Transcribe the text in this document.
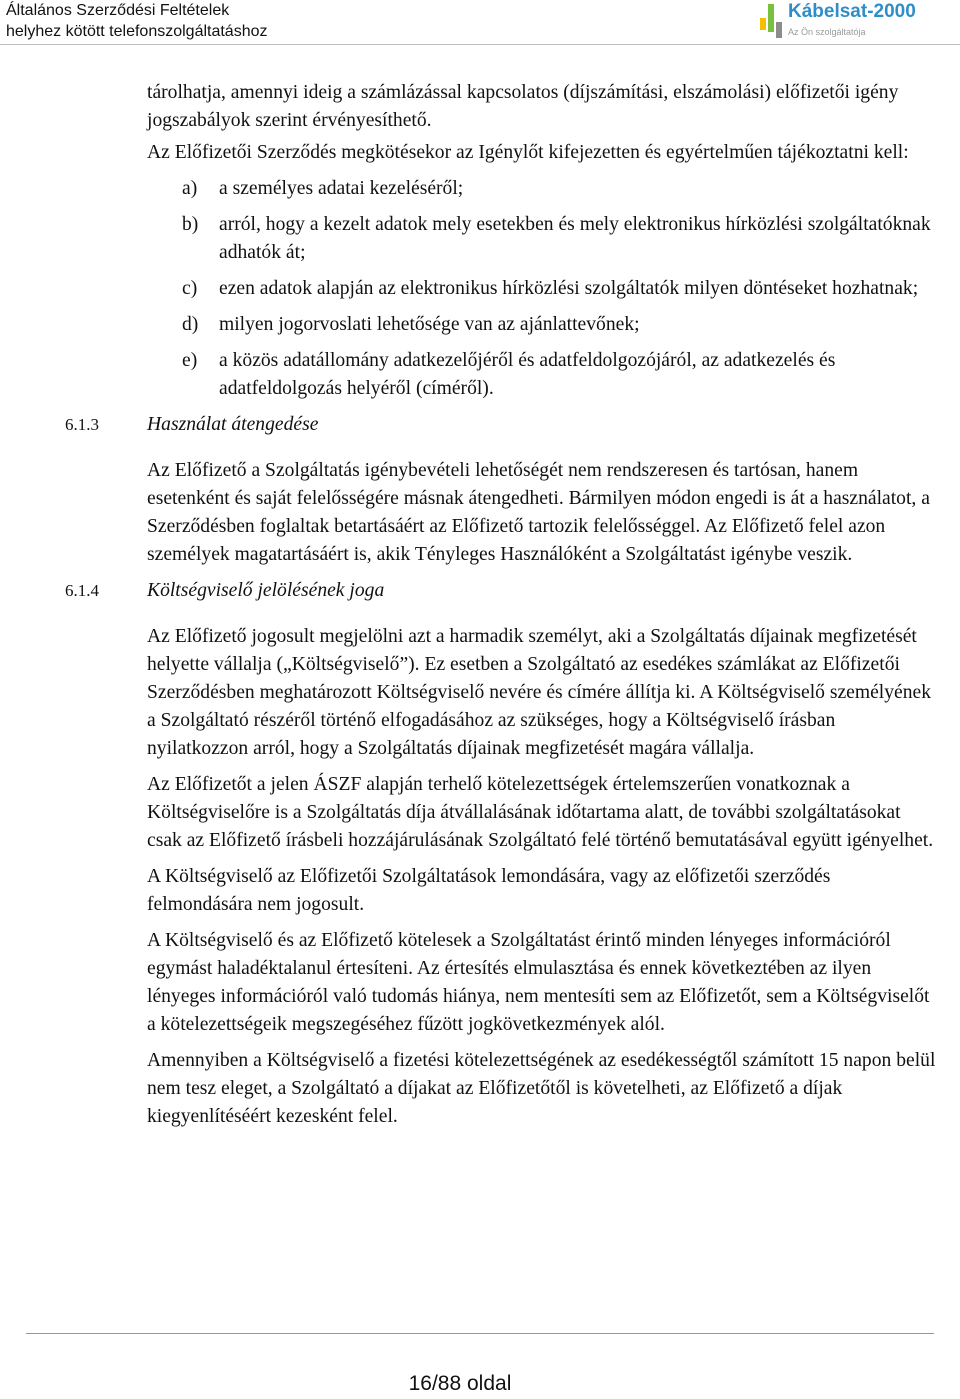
Általános Szerződési Feltételek
helyhez kötött telefonszolgáltatáshoz
Kábelsat-2000
Az Ön szolgáltatója

tárolhatja, amennyi ideig a számlázással kapcsolatos (díjszámítási, elszámolási) előfizetői igény jogszabályok szerint érvényesíthető.

Az Előfizetői Szerződés megkötésekor az Igénylőt kifejezetten és egyértelműen tájékoztatni kell:

a) a személyes adatai kezeléséről;
b) arról, hogy a kezelt adatok mely esetekben és mely elektronikus hírközlési szolgáltatóknak adhatók át;
c) ezen adatok alapján az elektronikus hírközlési szolgáltatók milyen döntéseket hozhatnak;
d) milyen jogorvoslati lehetősége van az ajánlattevőnek;
e) a közös adatállomány adatkezelőjéről és adatfeldolgozójáról, az adatkezelés és adatfeldolgozás helyéről (címéről).
6.1.3 Használat átengedése

Az Előfizető a Szolgáltatás igénybevételi lehetőségét nem rendszeresen és tartósan, hanem esetenként és saját felelősségére másnak átengedheti. Bármilyen módon engedi is át a használatot, a Szerződésben foglaltak betartásáért az Előfizető tartozik felelősséggel. Az Előfizető felel azon személyek magatartásáért is, akik Tényleges Használóként a Szolgáltatást igénybe veszik.

6.1.4 Költségviselő jelölésének joga

Az Előfizető jogosult megjelölni azt a harmadik személyt, aki a Szolgáltatás díjainak megfizetését helyette vállalja („Költségviselő”). Ez esetben a Szolgáltató az esedékes számlákat az Előfizetői Szerződésben meghatározott Költségviselő nevére és címére állítja ki. A Költségviselő személyének a Szolgáltató részéről történő elfogadásához az szükséges, hogy a Költségviselő írásban nyilatkozzon arról, hogy a Szolgáltatás díjainak megfizetését magára vállalja.

Az Előfizetőt a jelen ÁSZF alapján terhelő kötelezettségek értelemszerűen vonatkoznak a Költségviselőre is a Szolgáltatás díja átvállalásának időtartama alatt, de további szolgáltatásokat csak az Előfizető írásbeli hozzájárulásának Szolgáltató felé történő bemutatásával együtt igényelhet.

A Költségviselő az Előfizetői Szolgáltatások lemondására, vagy az előfizetői szerződés felmondására nem jogosult.

A Költségviselő és az Előfizető kötelesek a Szolgáltatást érintő minden lényeges információról egymást haladéktalanul értesíteni. Az értesítés elmulasztása és ennek következtében az ilyen lényeges információról való tudomás hiánya, nem mentesíti sem az Előfizetőt, sem a Költségviselőt a kötelezettségeik megszegéséhez fűzött jogkövetkezmények alól.

Amennyiben a Költségviselő a fizetési kötelezettségének az esedékességtől számított 15 napon belül nem tesz eleget, a Szolgáltató a díjakat az Előfizetőtől is követelheti, az Előfizető a díjak kiegyenlítéséért kezesként felel.

16/88 oldal
